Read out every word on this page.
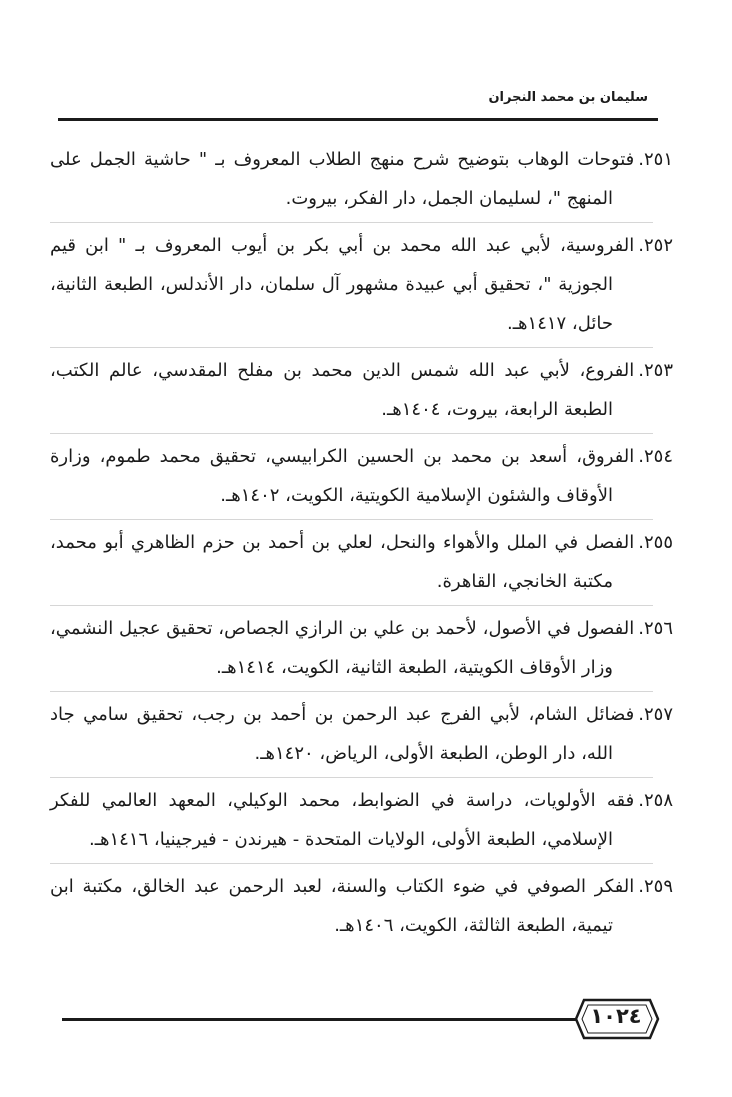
سليمان بن محمد النجران
٢٥١.فتوحات الوهاب بتوضيح شرح منهج الطلاب المعروف بـ " حاشية الجمل على المنهج "، لسليمان الجمل، دار الفكر، بيروت.
٢٥٢.الفروسية، لأبي عبد الله محمد بن أبي بكر بن أيوب المعروف بـ " ابن قيم الجوزية "، تحقيق أبي عبيدة مشهور آل سلمان، دار الأندلس، الطبعة الثانية، حائل، ١٤١٧هـ.
٢٥٣.الفروع، لأبي عبد الله شمس الدين محمد بن مفلح المقدسي، عالم الكتب، الطبعة الرابعة، بيروت، ١٤٠٤هـ.
٢٥٤.الفروق، أسعد بن محمد بن الحسين الكرابيسي، تحقيق محمد طموم، وزارة الأوقاف والشئون الإسلامية الكويتية، الكويت، ١٤٠٢هـ.
٢٥٥.الفصل في الملل والأهواء والنحل، لعلي بن أحمد بن حزم الظاهري أبو محمد، مكتبة الخانجي، القاهرة.
٢٥٦.الفصول في الأصول، لأحمد بن علي بن الرازي الجصاص، تحقيق عجيل النشمي، وزار الأوقاف الكويتية، الطبعة الثانية، الكويت، ١٤١٤هـ.
٢٥٧.فضائل الشام، لأبي الفرج عبد الرحمن بن أحمد بن رجب، تحقيق سامي جاد الله، دار الوطن، الطبعة الأولى، الرياض، ١٤٢٠هـ.
٢٥٨.فقه الأولويات، دراسة في الضوابط، محمد الوكيلي، المعهد العالمي للفكر الإسلامي، الطبعة الأولى، الولايات المتحدة - هيرندن - فيرجينيا، ١٤١٦هـ.
٢٥٩.الفكر الصوفي في ضوء الكتاب والسنة، لعبد الرحمن عبد الخالق، مكتبة ابن تيمية، الطبعة الثالثة، الكويت، ١٤٠٦هـ.
١٠٢٤
